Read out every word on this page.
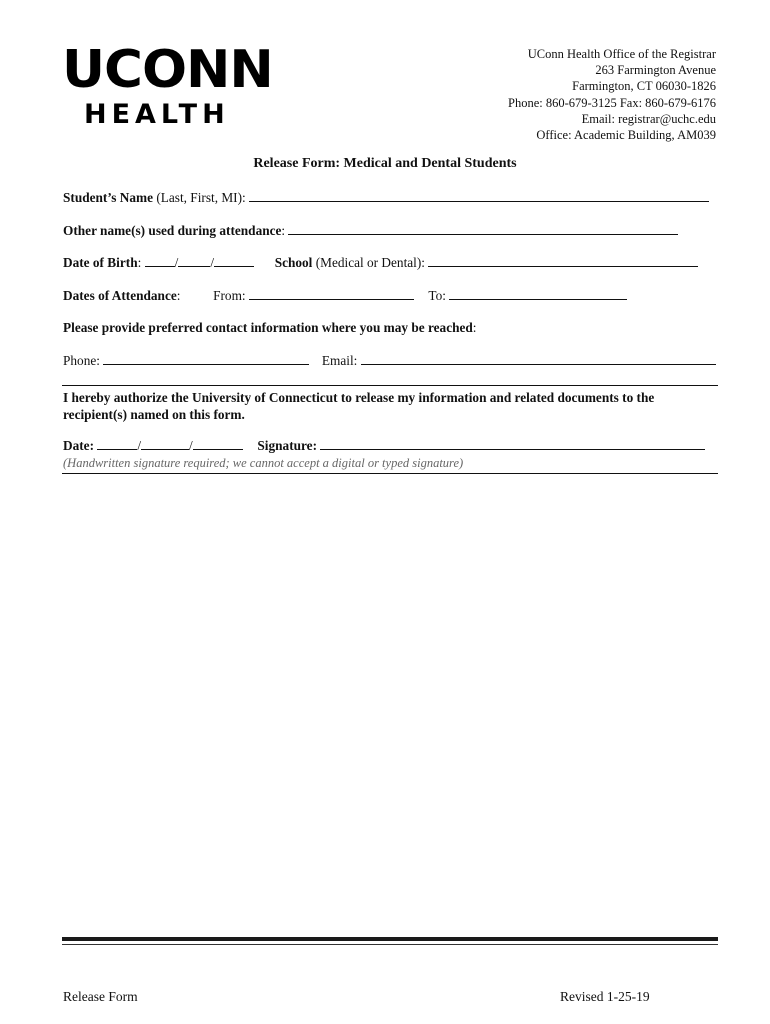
UCONN
HEALTH
UConn Health Office of the Registrar
263 Farmington Avenue
Farmington, CT 06030-1826
Phone: 860-679-3125 Fax: 860-679-6176
Email: registrar@uchc.edu
Office: Academic Building, AM039
Release Form: Medical and Dental Students
Student’s Name (Last, First, MI):
Other name(s) used during attendance:
Date of Birth: / /	School (Medical or Dental):
Dates of Attendance: From:	To:
Please provide preferred contact information where you may be reached:
Phone:	Email:
I hereby authorize the University of Connecticut to release my information and related documents to the recipient(s) named on this form.
Date:	/	/	Signature:
(Handwritten signature required; we cannot accept a digital or typed signature)
Release Form	Revised 1-25-19
